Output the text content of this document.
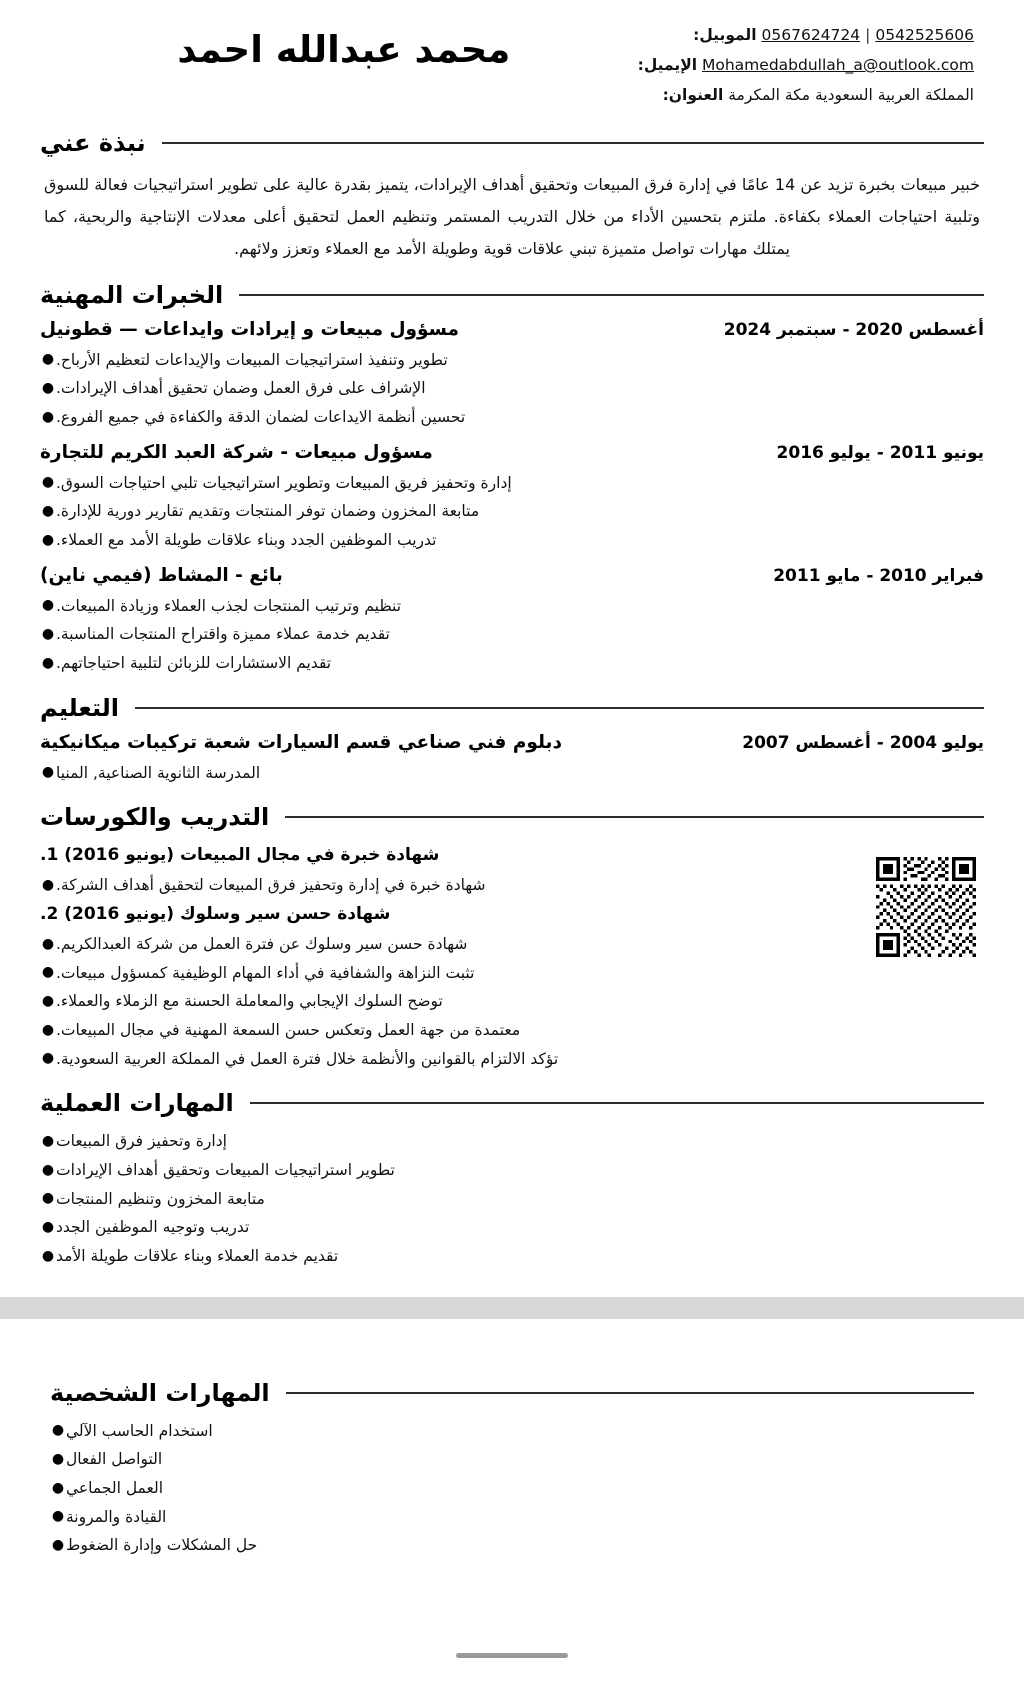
0542525606|0567624724 الموبيل:
Mohamedabdullah_a@outlook.com الإيميل:
المملكة العربية السعودية مكة المكرمة العنوان:
محمد عبدالله احمد
نبذة عني
خبير مبيعات بخبرة تزيد عن 14 عامًا في إدارة فرق المبيعات وتحقيق أهداف الإيرادات، يتميز بقدرة عالية على تطوير استراتيجيات فعالة للسوق وتلبية احتياجات العملاء بكفاءة. ملتزم بتحسين الأداء من خلال التدريب المستمر وتنظيم العمل لتحقيق أعلى معدلات الإنتاجية والربحية، كما يمتلك مهارات تواصل متميزة تبني علاقات قوية وطويلة الأمد مع العملاء وتعزز ولائهم.
الخبرات المهنية
مسؤول مبيعات و إيرادات وايداعات — قطونيل	أغسطس 2020 - سبتمبر 2024
تطوير وتنفيذ استراتيجيات المبيعات والإيداعات لتعظيم الأرباح.●
الإشراف على فرق العمل وضمان تحقيق أهداف الإيرادات.●
تحسين أنظمة الايداعات لضمان الدقة والكفاءة في جميع الفروع.●
مسؤول مبيعات - شركة العبد الكريم للتجارة	يونيو 2011 - يوليو 2016
إدارة وتحفيز فريق المبيعات وتطوير استراتيجيات تلبي احتياجات السوق.●
متابعة المخزون وضمان توفر المنتجات وتقديم تقارير دورية للإدارة.●
تدريب الموظفين الجدد وبناء علاقات طويلة الأمد مع العملاء.●
بائع - المشاط (فيمي ناين)	فبراير 2010 - مايو 2011
تنظيم وترتيب المنتجات لجذب العملاء وزيادة المبيعات.●
تقديم خدمة عملاء مميزة واقتراح المنتجات المناسبة.●
تقديم الاستشارات للزبائن لتلبية احتياجاتهم.●
التعليم
دبلوم فني صناعي قسم السيارات شعبة تركيبات ميكانيكية	يوليو 2004 - أغسطس 2007
المدرسة الثانوية الصناعية, المنيا●
التدريب والكورسات
شهادة خبرة في مجال المبيعات (يونيو 2016) 1.
شهادة خبرة في إدارة وتحفيز فرق المبيعات لتحقيق أهداف الشركة.●
شهادة حسن سير وسلوك (يونيو 2016) 2.
شهادة حسن سير وسلوك عن فترة العمل من شركة العبدالكريم.●
تثبت النزاهة والشفافية في أداء المهام الوظيفية كمسؤول مبيعات.●
توضح السلوك الإيجابي والمعاملة الحسنة مع الزملاء والعملاء.●
معتمدة من جهة العمل وتعكس حسن السمعة المهنية في مجال المبيعات.●
تؤكد الالتزام بالقوانين والأنظمة خلال فترة العمل في المملكة العربية السعودية.●
المهارات العملية
إدارة وتحفيز فرق المبيعات●
تطوير استراتيجيات المبيعات وتحقيق أهداف الإيرادات●
متابعة المخزون وتنظيم المنتجات●
تدريب وتوجيه الموظفين الجدد●
تقديم خدمة العملاء وبناء علاقات طويلة الأمد●
المهارات الشخصية
استخدام الحاسب الآلي●
التواصل الفعال●
العمل الجماعي●
القيادة والمرونة●
حل المشكلات وإدارة الضغوط●
